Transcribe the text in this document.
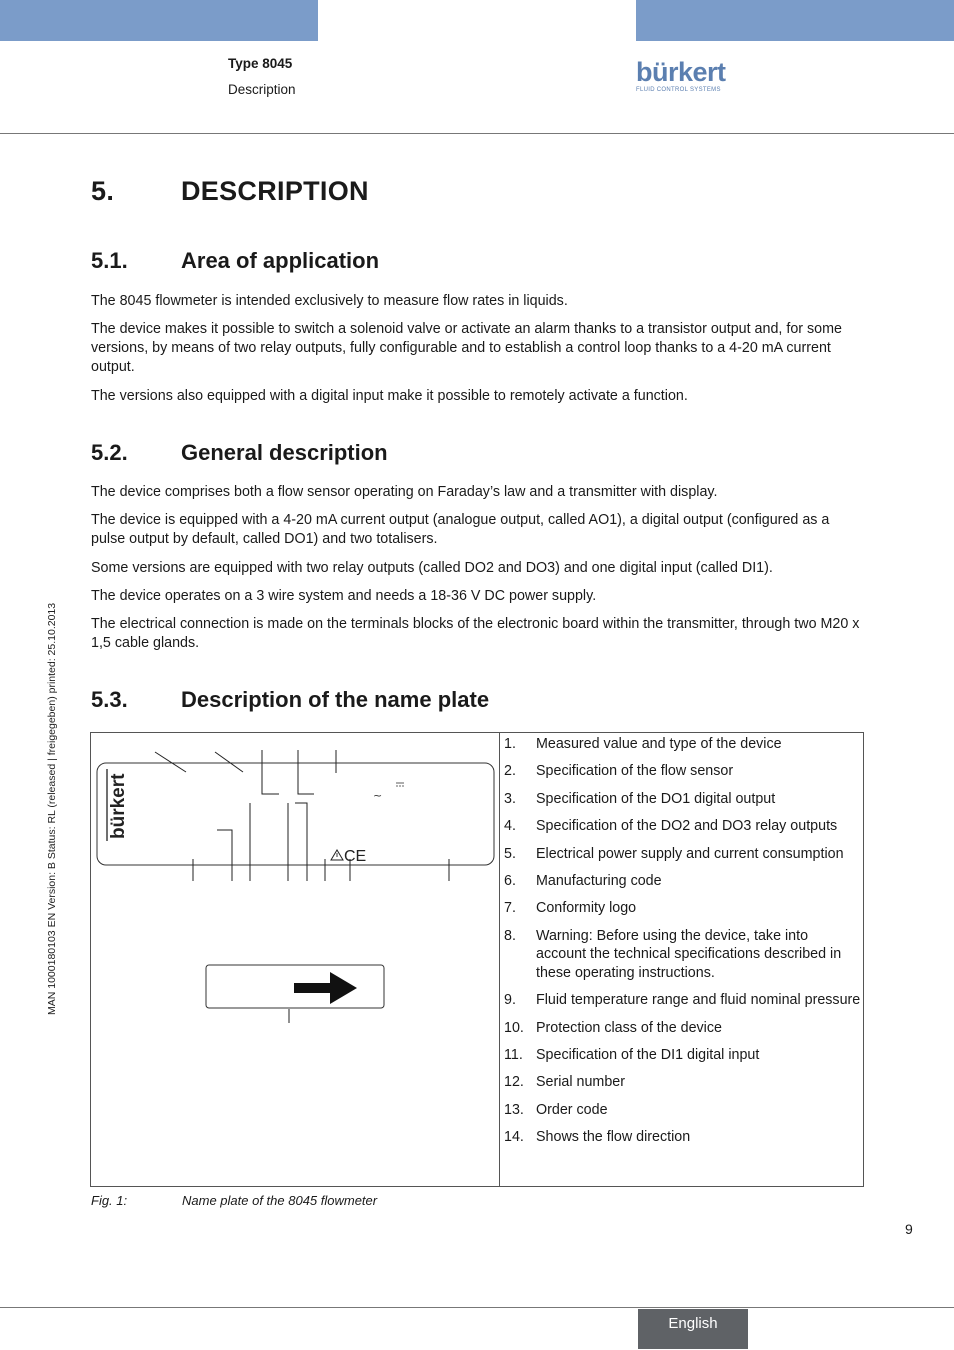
Type 8045
Description
bürkert
FLUID CONTROL SYSTEMS
MAN 1000180103 EN Version: B Status: RL (released | freigegeben) printed: 25.10.2013
5. DESCRIPTION
5.1. Area of application

The 8045 flowmeter is intended exclusively to measure flow rates in liquids.

The device makes it possible to switch a solenoid valve or activate an alarm thanks to a transistor output and, for some versions, by means of two relay outputs, fully configurable and to establish a control loop thanks to a 4-20 mA current output.

The versions also equipped with a digital input make it possible to remotely activate a function.

5.2. General description

The device comprises both a flow sensor operating on Faraday’s law and a transmitter with display.

The device is equipped with a 4-20 mA current output (analogue output, called AO1), a digital output (configured as a pulse output by default, called DO1) and two totalisers.

Some versions are equipped with two relay outputs (called DO2 and DO3) and one digital input (called DI1).

The device operates on a 3 wire system and needs a 18-36 V DC power supply.

The electrical connection is made on the terminals blocks of the electronic board within the transmitter, through two M20 x 1,5 cable glands.

5.3. Description of the name plate
bürkert	~
CE
1.	Measured value and type of the device
2.	Specification of the flow sensor
3.	Specification of the DO1 digital output
4.	Specification of the DO2 and DO3 relay outputs
5.	Electrical power supply and current consumption
6.	Manufacturing code
7.	Conformity logo
8.	Warning: Before using the device, take into account the technical specifications described in these operating instructions.
9.	Fluid temperature range and fluid nominal pressure
10. Protection class of the device
11. Specification of the DI1 digital input
12. Serial number
13. Order code
14. Shows the flow direction
Fig. 1:	Name plate of the 8045 flowmeter
9
English
